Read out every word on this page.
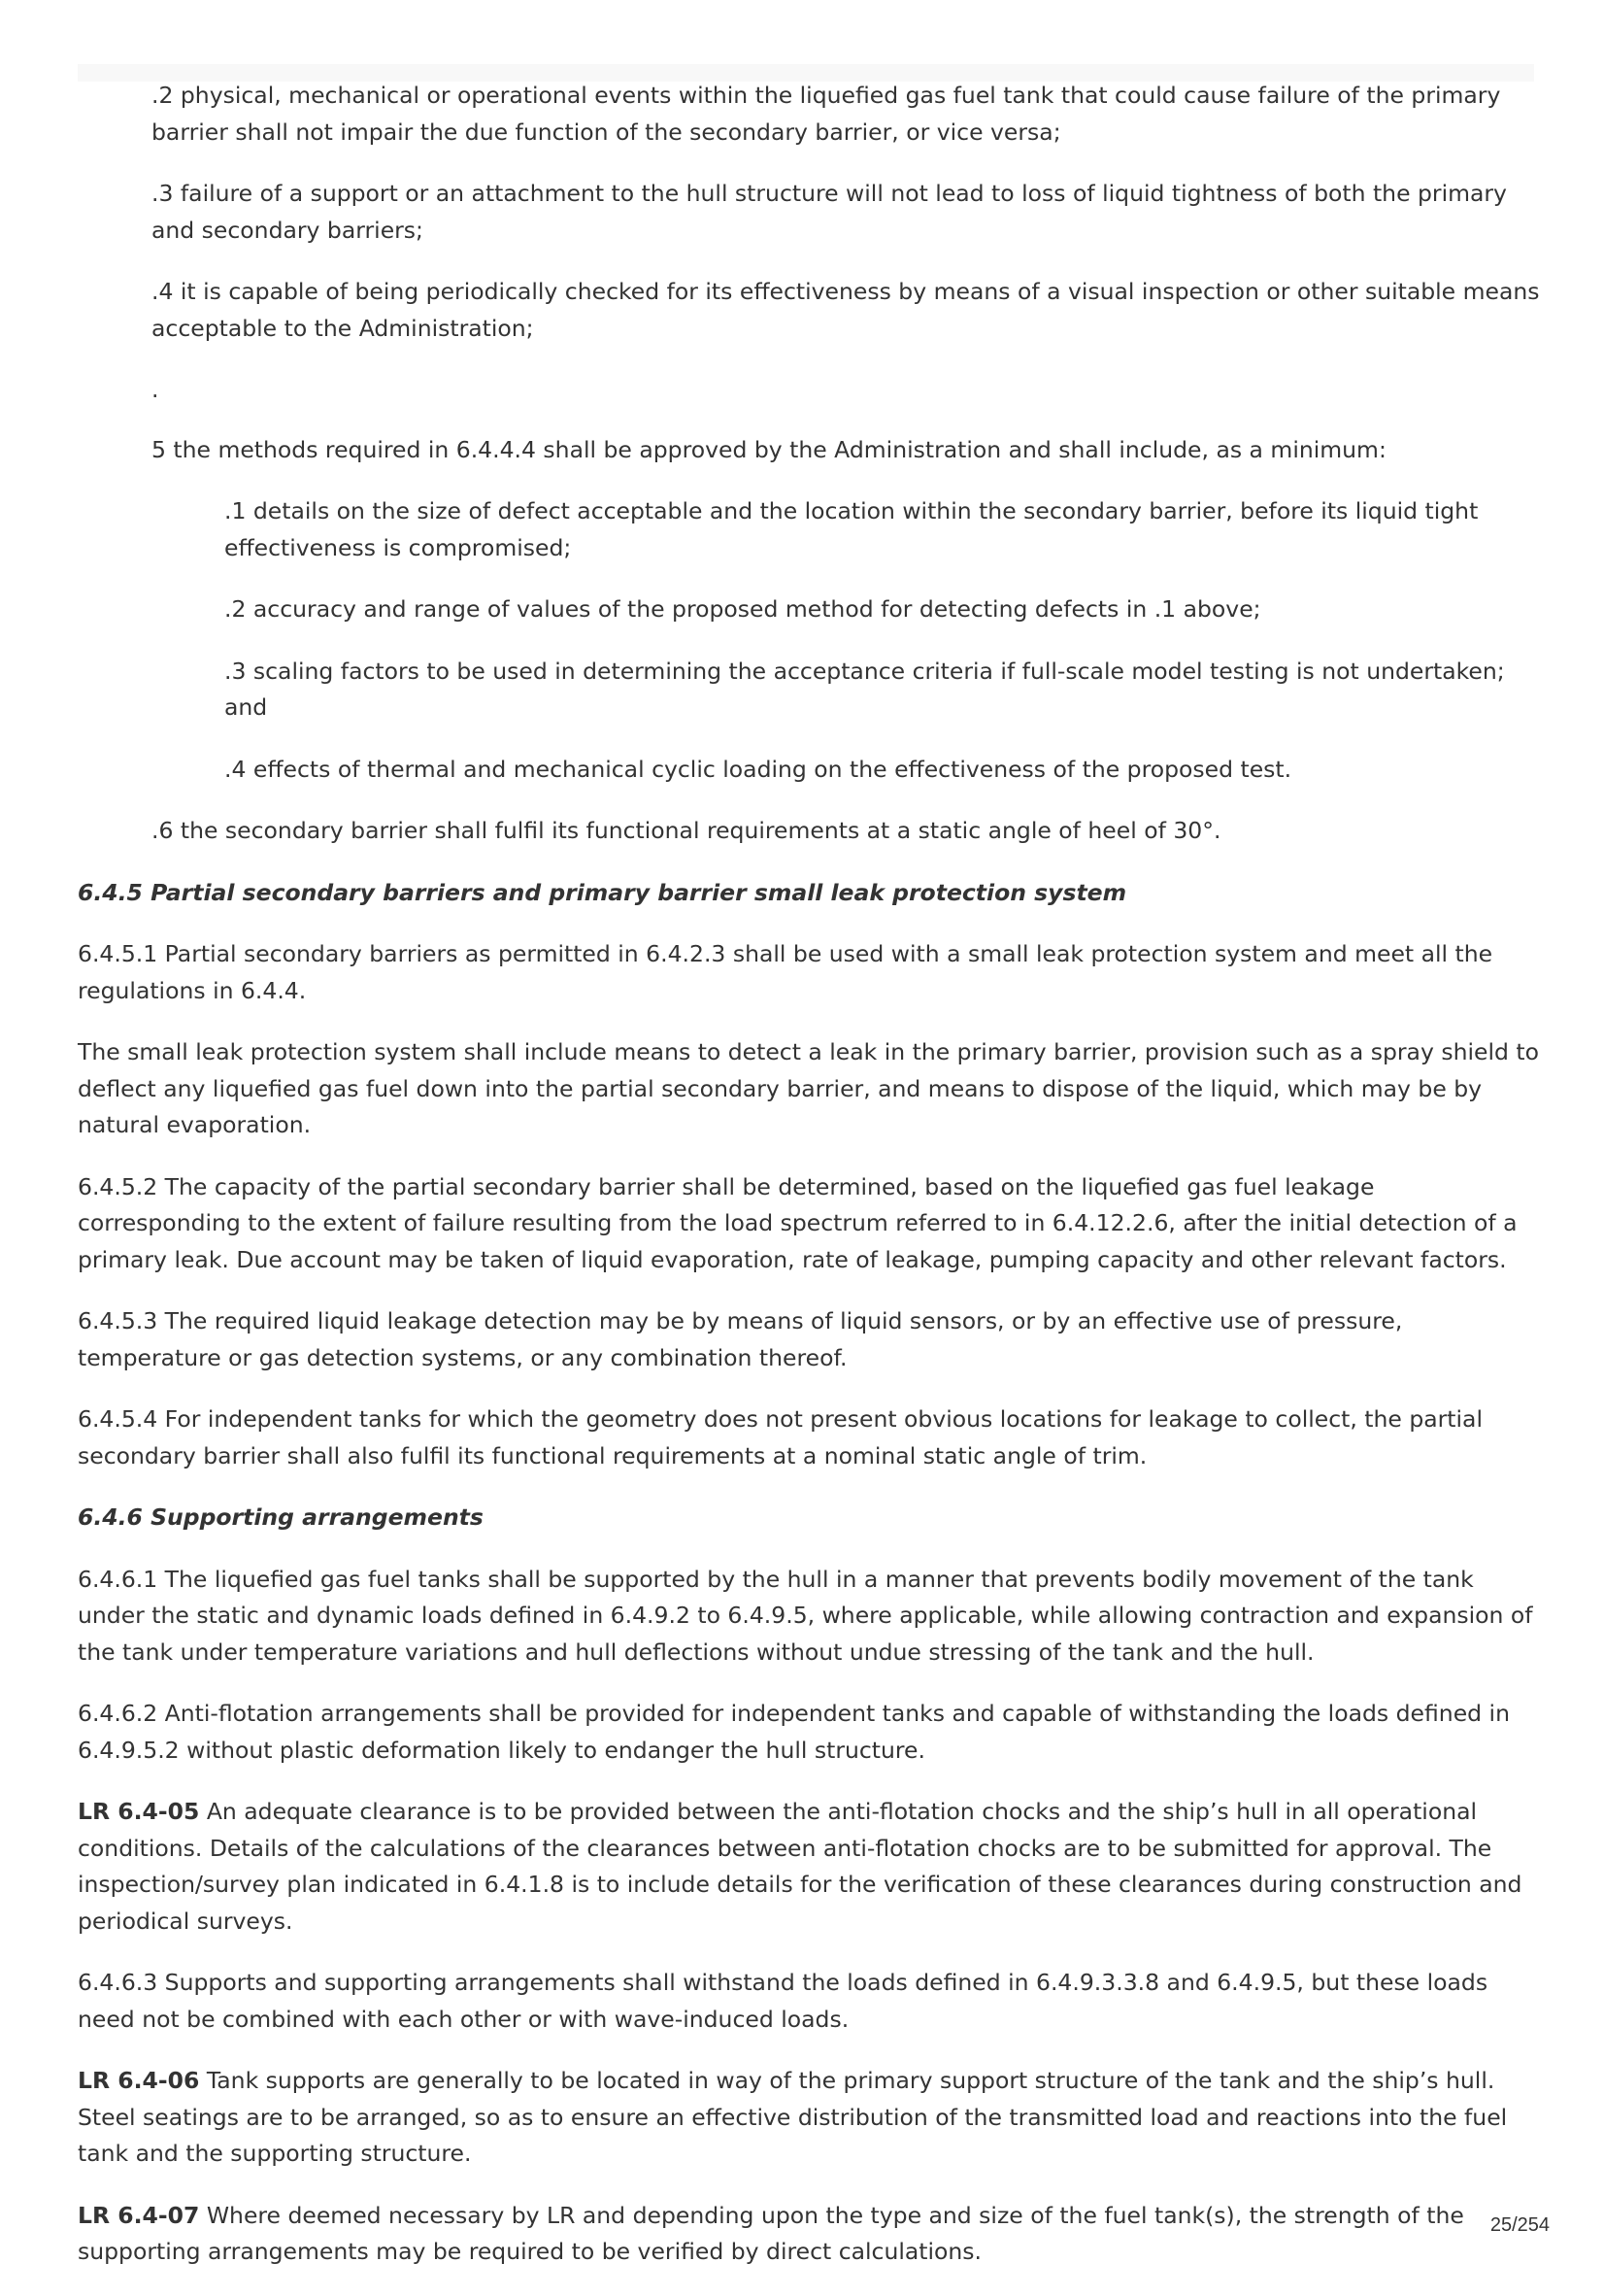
.2 physical, mechanical or operational events within the liquefied gas fuel tank that could cause failure of the primary barrier shall not impair the due function of the secondary barrier, or vice versa;

.3 failure of a support or an attachment to the hull structure will not lead to loss of liquid tightness of both the primary and secondary barriers;

.4 it is capable of being periodically checked for its effectiveness by means of a visual inspection or other suitable means acceptable to the Administration;

.

5 the methods required in 6.4.4.4 shall be approved by the Administration and shall include, as a minimum:

.1 details on the size of defect acceptable and the location within the secondary barrier, before its liquid tight effectiveness is compromised;

.2 accuracy and range of values of the proposed method for detecting defects in .1 above;

.3 scaling factors to be used in determining the acceptance criteria if full-scale model testing is not undertaken; and

.4 effects of thermal and mechanical cyclic loading on the effectiveness of the proposed test.

.6 the secondary barrier shall fulfil its functional requirements at a static angle of heel of 30°.

6.4.5 Partial secondary barriers and primary barrier small leak protection system

6.4.5.1 Partial secondary barriers as permitted in 6.4.2.3 shall be used with a small leak protection system and meet all the regulations in 6.4.4.

The small leak protection system shall include means to detect a leak in the primary barrier, provision such as a spray shield to deflect any liquefied gas fuel down into the partial secondary barrier, and means to dispose of the liquid, which may be by natural evaporation.

6.4.5.2 The capacity of the partial secondary barrier shall be determined, based on the liquefied gas fuel leakage corresponding to the extent of failure resulting from the load spectrum referred to in 6.4.12.2.6, after the initial detection of a primary leak. Due account may be taken of liquid evaporation, rate of leakage, pumping capacity and other relevant factors.

6.4.5.3 The required liquid leakage detection may be by means of liquid sensors, or by an effective use of pressure, temperature or gas detection systems, or any combination thereof.

6.4.5.4 For independent tanks for which the geometry does not present obvious locations for leakage to collect, the partial secondary barrier shall also fulfil its functional requirements at a nominal static angle of trim.

6.4.6 Supporting arrangements

6.4.6.1 The liquefied gas fuel tanks shall be supported by the hull in a manner that prevents bodily movement of the tank under the static and dynamic loads defined in 6.4.9.2 to 6.4.9.5, where applicable, while allowing contraction and expansion of the tank under temperature variations and hull deflections without undue stressing of the tank and the hull.

6.4.6.2 Anti-flotation arrangements shall be provided for independent tanks and capable of withstanding the loads defined in 6.4.9.5.2 without plastic deformation likely to endanger the hull structure.

LR 6.4-05 An adequate clearance is to be provided between the anti-flotation chocks and the ship’s hull in all operational conditions. Details of the calculations of the clearances between anti-flotation chocks are to be submitted for approval. The inspection/survey plan indicated in 6.4.1.8 is to include details for the verification of these clearances during construction and periodical surveys.

6.4.6.3 Supports and supporting arrangements shall withstand the loads defined in 6.4.9.3.3.8 and 6.4.9.5, but these loads need not be combined with each other or with wave-induced loads.

LR 6.4-06 Tank supports are generally to be located in way of the primary support structure of the tank and the ship’s hull. Steel seatings are to be arranged, so as to ensure an effective distribution of the transmitted load and reactions into the fuel tank and the supporting structure.

LR 6.4-07 Where deemed necessary by LR and depending upon the type and size of the fuel tank(s), the strength of the supporting arrangements may be required to be verified by direct calculations.

25/254
